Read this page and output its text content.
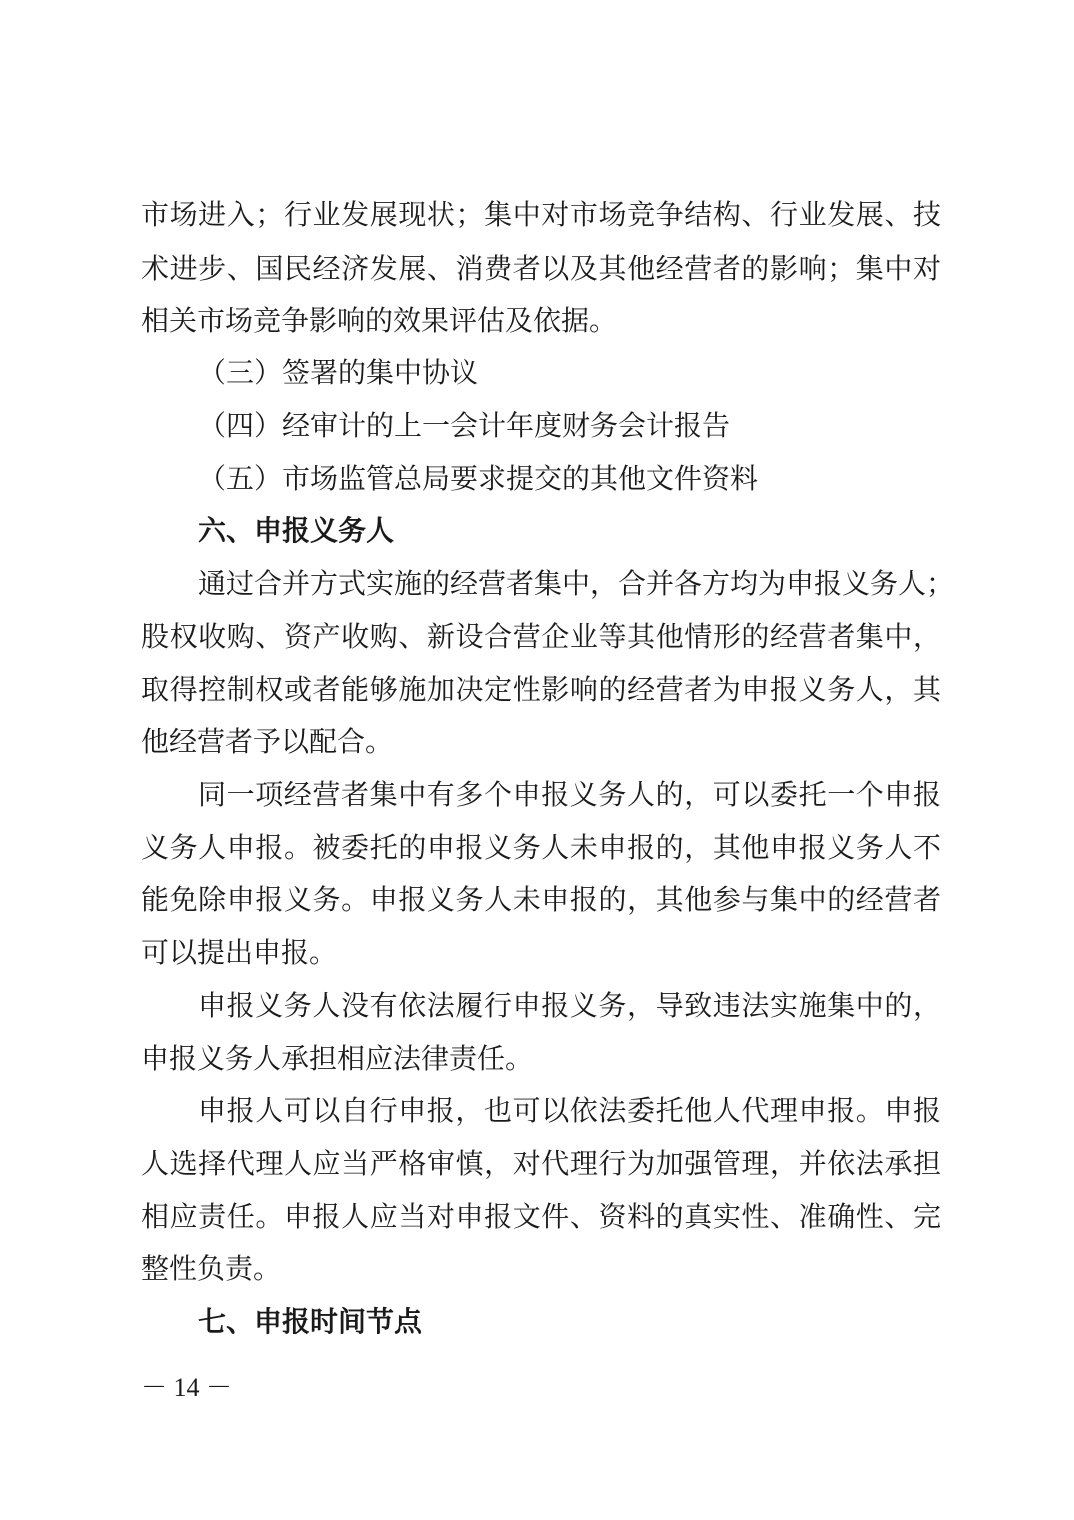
市场进入；行业发展现状；集中对市场竞争结构、行业发展、技
术进步、国民经济发展、消费者以及其他经营者的影响；集中对
相关市场竞争影响的效果评估及依据。
（三）签署的集中协议
（四）经审计的上一会计年度财务会计报告
（五）市场监管总局要求提交的其他文件资料
六、申报义务人
通过合并方式实施的经营者集中，合并各方均为申报义务人；
股权收购、资产收购、新设合营企业等其他情形的经营者集中，
取得控制权或者能够施加决定性影响的经营者为申报义务人，其
他经营者予以配合。
同一项经营者集中有多个申报义务人的，可以委托一个申报
义务人申报。被委托的申报义务人未申报的，其他申报义务人不
能免除申报义务。申报义务人未申报的，其他参与集中的经营者
可以提出申报。
申报义务人没有依法履行申报义务，导致违法实施集中的，
申报义务人承担相应法律责任。
申报人可以自行申报，也可以依法委托他人代理申报。申报
人选择代理人应当严格审慎，对代理行为加强管理，并依法承担
相应责任。申报人应当对申报文件、资料的真实性、准确性、完
整性负责。
七、申报时间节点
－ 14 －
